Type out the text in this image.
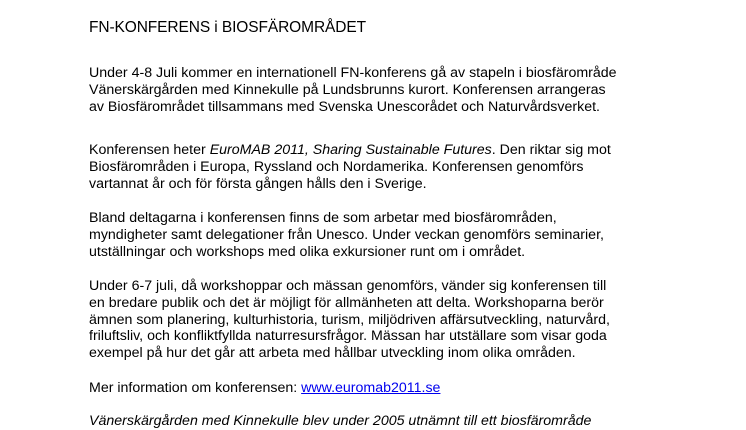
FN-KONFERENS i BIOSFÄROMRÅDET

Under 4-8 Juli kommer en internationell FN-konferens gå av stapeln i biosfärområde
Vänerskärgården med Kinnekulle på Lundsbrunns kurort. Konferensen arrangeras
av Biosfärområdet tillsammans med Svenska Unescorådet och Naturvårdsverket.

Konferensen heter EuroMAB 2011, Sharing Sustainable Futures. Den riktar sig mot
Biosfärområden i Europa, Ryssland och Nordamerika. Konferensen genomförs
vartannat år och för första gången hålls den i Sverige.

Bland deltagarna i konferensen finns de som arbetar med biosfärområden,
myndigheter samt delegationer från Unesco. Under veckan genomförs seminarier,
utställningar och workshops med olika exkursioner runt om i området.

Under 6-7 juli, då workshoppar och mässan genomförs, vänder sig konferensen till
en bredare publik och det är möjligt för allmänheten att delta. Workshoparna berör
ämnen som planering, kulturhistoria, turism, miljödriven affärsutveckling, naturvård,
friluftsliv, och konfliktfyllda naturresursfrågor. Mässan har utställare som visar goda
exempel på hur det går att arbeta med hållbar utveckling inom olika områden.

Mer information om konferensen: www.euromab2011.se

Vänerskärgården med Kinnekulle blev under 2005 utnämnt till ett biosfärområde
